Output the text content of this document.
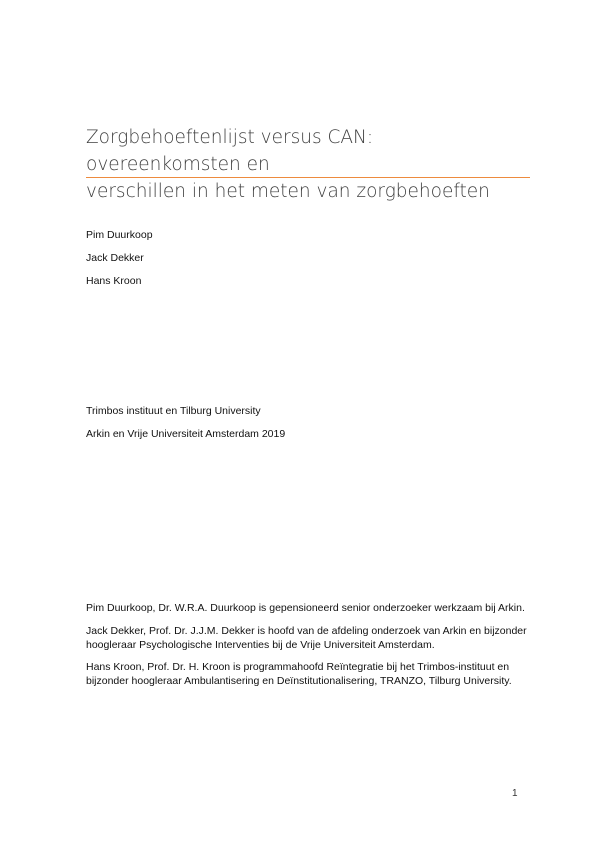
Zorgbehoeftenlijst versus CAN: overeenkomsten en
verschillen in het meten van zorgbehoeften

Pim Duurkoop

Jack Dekker

Hans Kroon

Trimbos instituut en Tilburg University

Arkin en Vrije Universiteit Amsterdam 2019

Pim Duurkoop, Dr. W.R.A. Duurkoop is gepensioneerd senior onderzoeker werkzaam bij Arkin.

Jack Dekker, Prof. Dr. J.J.M. Dekker is hoofd van de afdeling onderzoek van Arkin en bijzonder
hoogleraar Psychologische Interventies bij de Vrije Universiteit Amsterdam.

Hans Kroon, Prof. Dr. H. Kroon is programmahoofd Reïntegratie bij het Trimbos-instituut en
bijzonder hoogleraar Ambulantisering en Deïnstitutionalisering, TRANZO, Tilburg University.

1
